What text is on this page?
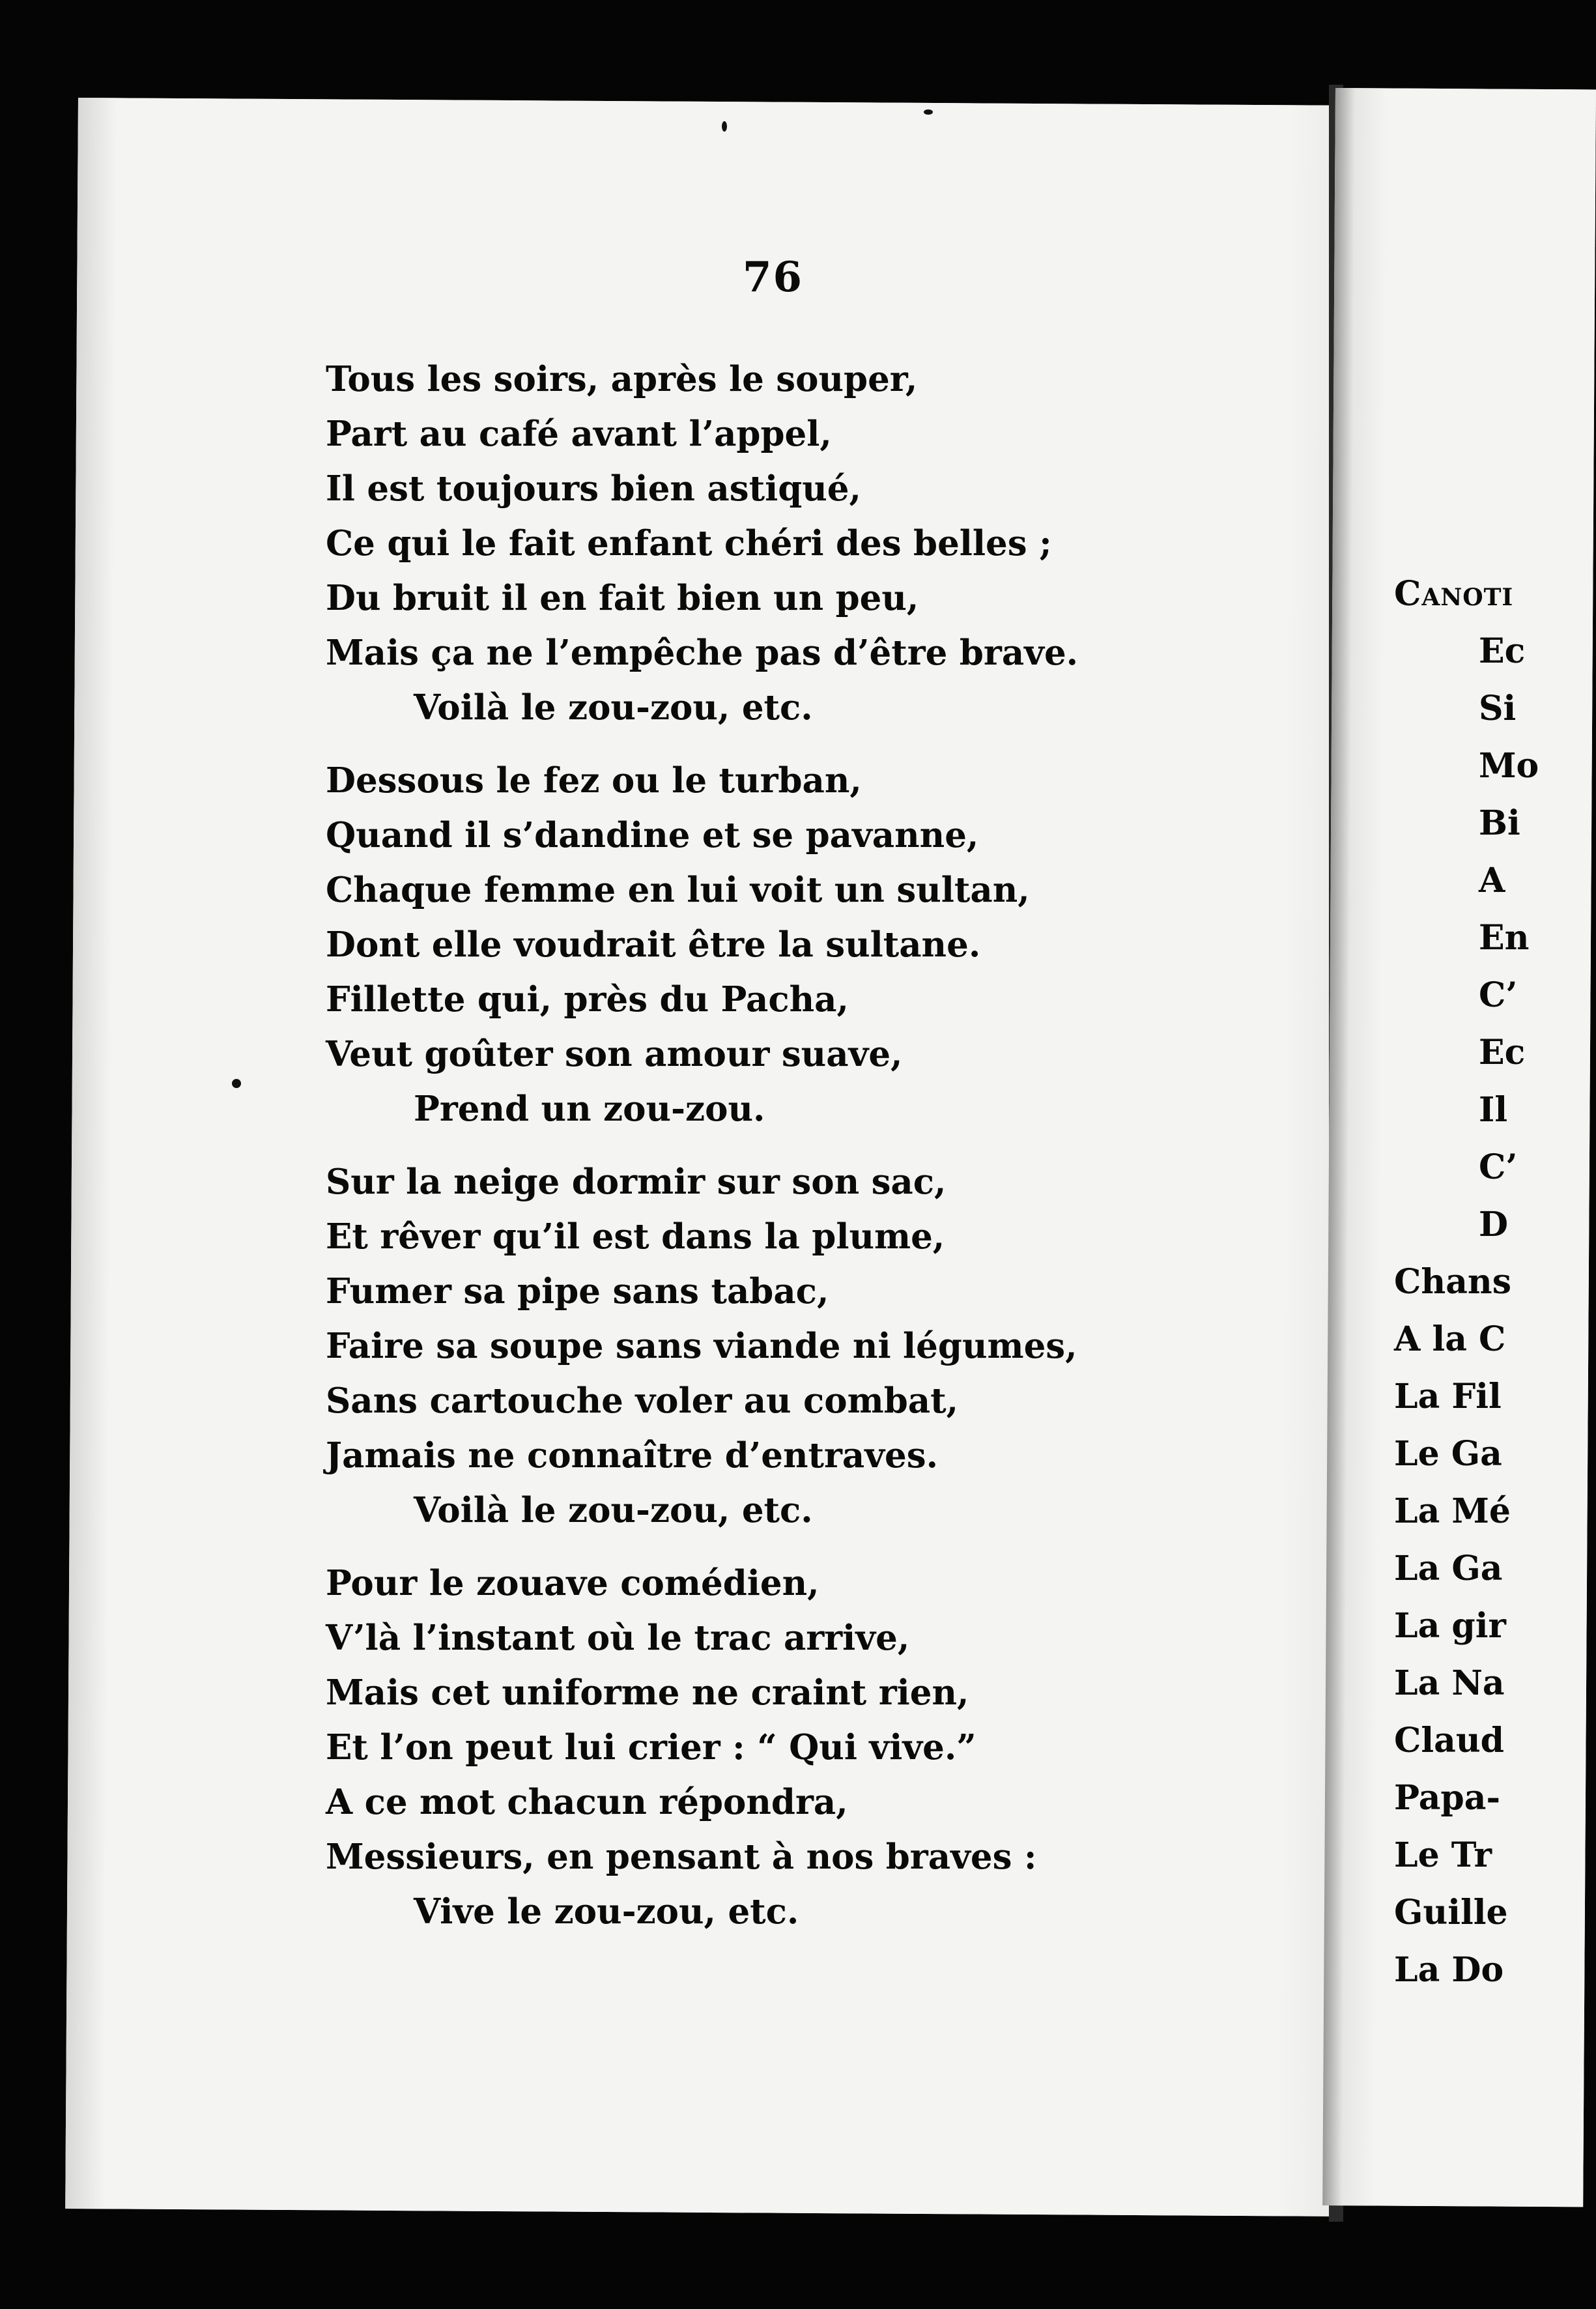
76
Tous les soirs, après le souper,
Part au café avant l’appel,
Il est toujours bien astiqué,
Ce qui le fait enfant chéri des belles ;
Du bruit il en fait bien un peu,
Mais ça ne l’empêche pas d’être brave.
Voilà le zou-zou, etc.
Dessous le fez ou le turban,
Quand il s’dandine et se pavanne,
Chaque femme en lui voit un sultan,
Dont elle voudrait être la sultane.
Fillette qui, près du Pacha,
Veut goûter son amour suave,
Prend un zou-zou.
Sur la neige dormir sur son sac,
Et rêver qu’il est dans la plume,
Fumer sa pipe sans tabac,
Faire sa soupe sans viande ni légumes,
Sans cartouche voler au combat,
Jamais ne connaître d’entraves.
Voilà le zou-zou, etc.
Pour le zouave comédien,
V’là l’instant où le trac arrive,
Mais cet uniforme ne craint rien,
Et l’on peut lui crier : “ Qui vive.”
A ce mot chacun répondra,
Messieurs, en pensant à nos braves :
Vive le zou-zou, etc.
Canoti
Ec
Si
Mo
Bi
A
En
C’
Ec
Il
C’
D
Chans
A la C
La Fil
Le Ga
La Mé
La Ga
La gir
La Na
Claud
Papa-
Le Tr
Guille
La Do
